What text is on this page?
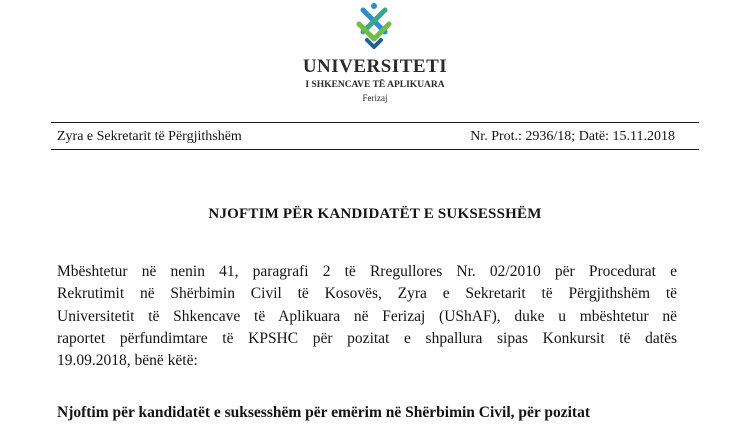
UNIVERSITETI
I SHKENCAVE TË APLIKUARA
Ferizaj
Zyra e Sekretarit të Përgjithshëm	Nr. Prot.: 2936/18; Datë: 15.11.2018
NJOFTIM PËR KANDIDATËT E SUKSESSHËM
Mbështetur në nenin 41, paragrafi 2 të Rregullores Nr. 02/2010 për Procedurat e
Rekrutimit në Shërbimin Civil të Kosovës, Zyra e Sekretarit të Përgjithshëm të
Universitetit të Shkencave të Aplikuara në Ferizaj (UShAF), duke u mbështetur në
raportet përfundimtare të KPSHC për pozitat e shpallura sipas Konkursit të datës
19.09.2018, bënë këtë:
Njoftim për kandidatët e suksesshëm për emërim në Shërbimin Civil, për pozitat
